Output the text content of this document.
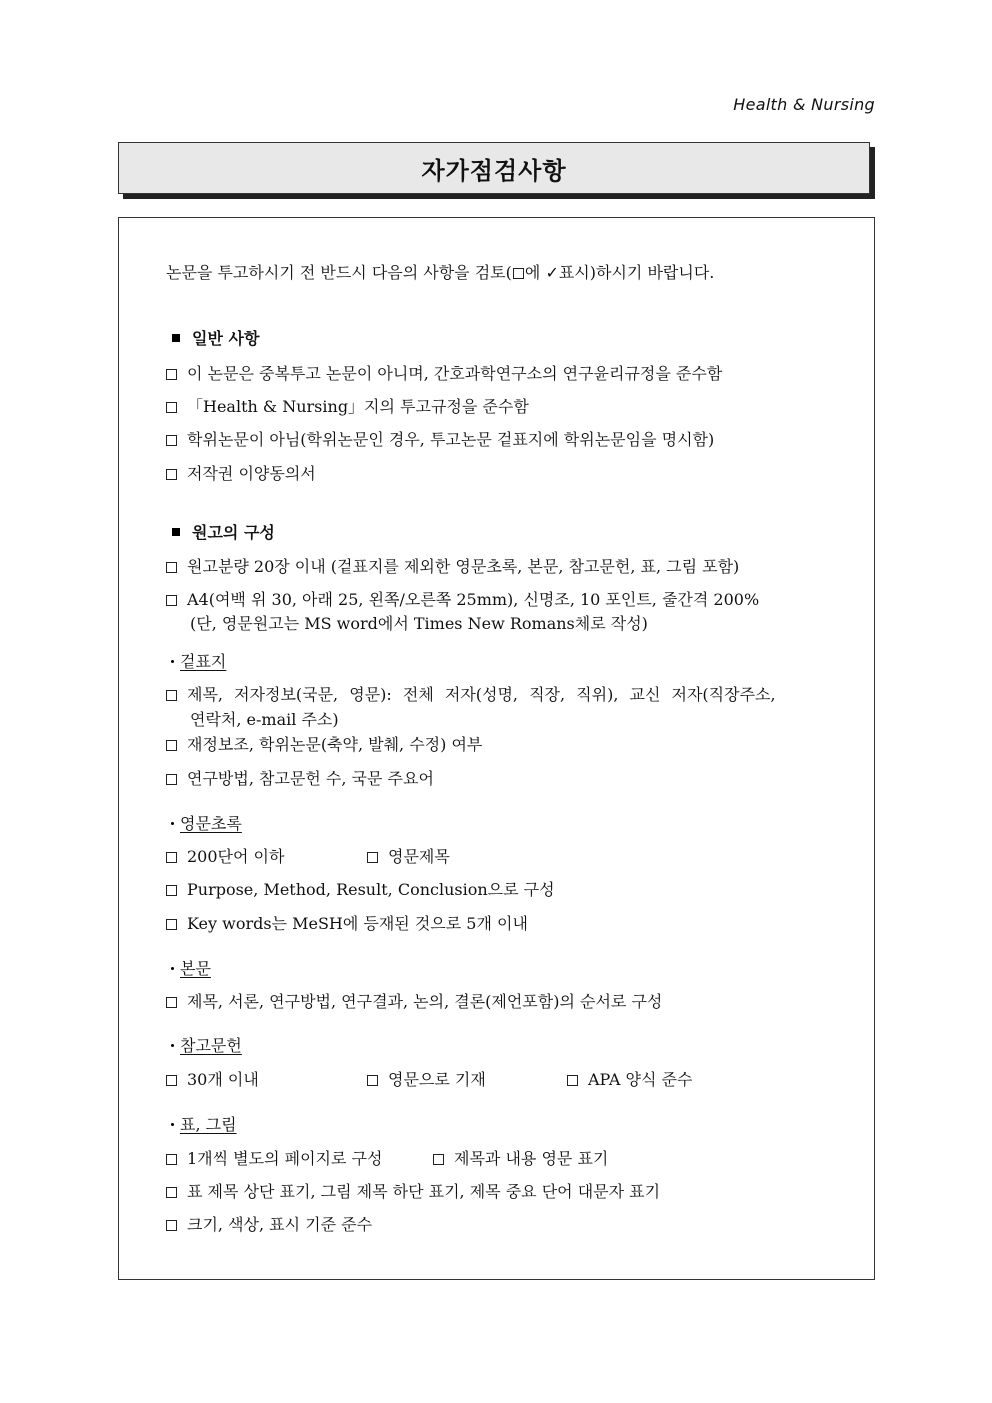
Health & Nursing
자가점검사항
논문을 투고하시기 전 반드시 다음의 사항을 검토( 에 ✓표시)하시기 바랍니다.
일반 사항
이 논문은 중복투고 논문이 아니며, 간호과학연구소의 연구윤리규정을 준수함
「Health & Nursing」지의 투고규정을 준수함
학위논문이 아님(학위논문인 경우, 투고논문 겉표지에 학위논문임을 명시함)
저작권 이양동의서
원고의 구성
원고분량 20장 이내 (겉표지를 제외한 영문초록, 본문, 참고문헌, 표, 그림 포함)
A4(여백 위 30, 아래 25, 왼쪽/오른쪽 25mm), 신명조, 10 포인트, 줄간격 200%
(단, 영문원고는 MS word에서 Times New Romans체로 작성)
겉표지
제목, 저자정보(국문, 영문): 전체 저자(성명, 직장, 직위), 교신 저자(직장주소,
연락처, e-mail 주소)
재정보조, 학위논문(축약, 발췌, 수정) 여부
연구방법, 참고문헌 수, 국문 주요어
영문초록
200단어 이하	영문제목
Purpose, Method, Result, Conclusion으로 구성
Key words는 MeSH에 등재된 것으로 5개 이내
본문
제목, 서론, 연구방법, 연구결과, 논의, 결론(제언포함)의 순서로 구성
참고문헌
30개 이내	영문으로 기재	APA 양식 준수
표, 그림
1개씩 별도의 페이지로 구성	제목과 내용 영문 표기
표 제목 상단 표기, 그림 제목 하단 표기, 제목 중요 단어 대문자 표기
크기, 색상, 표시 기준 준수
